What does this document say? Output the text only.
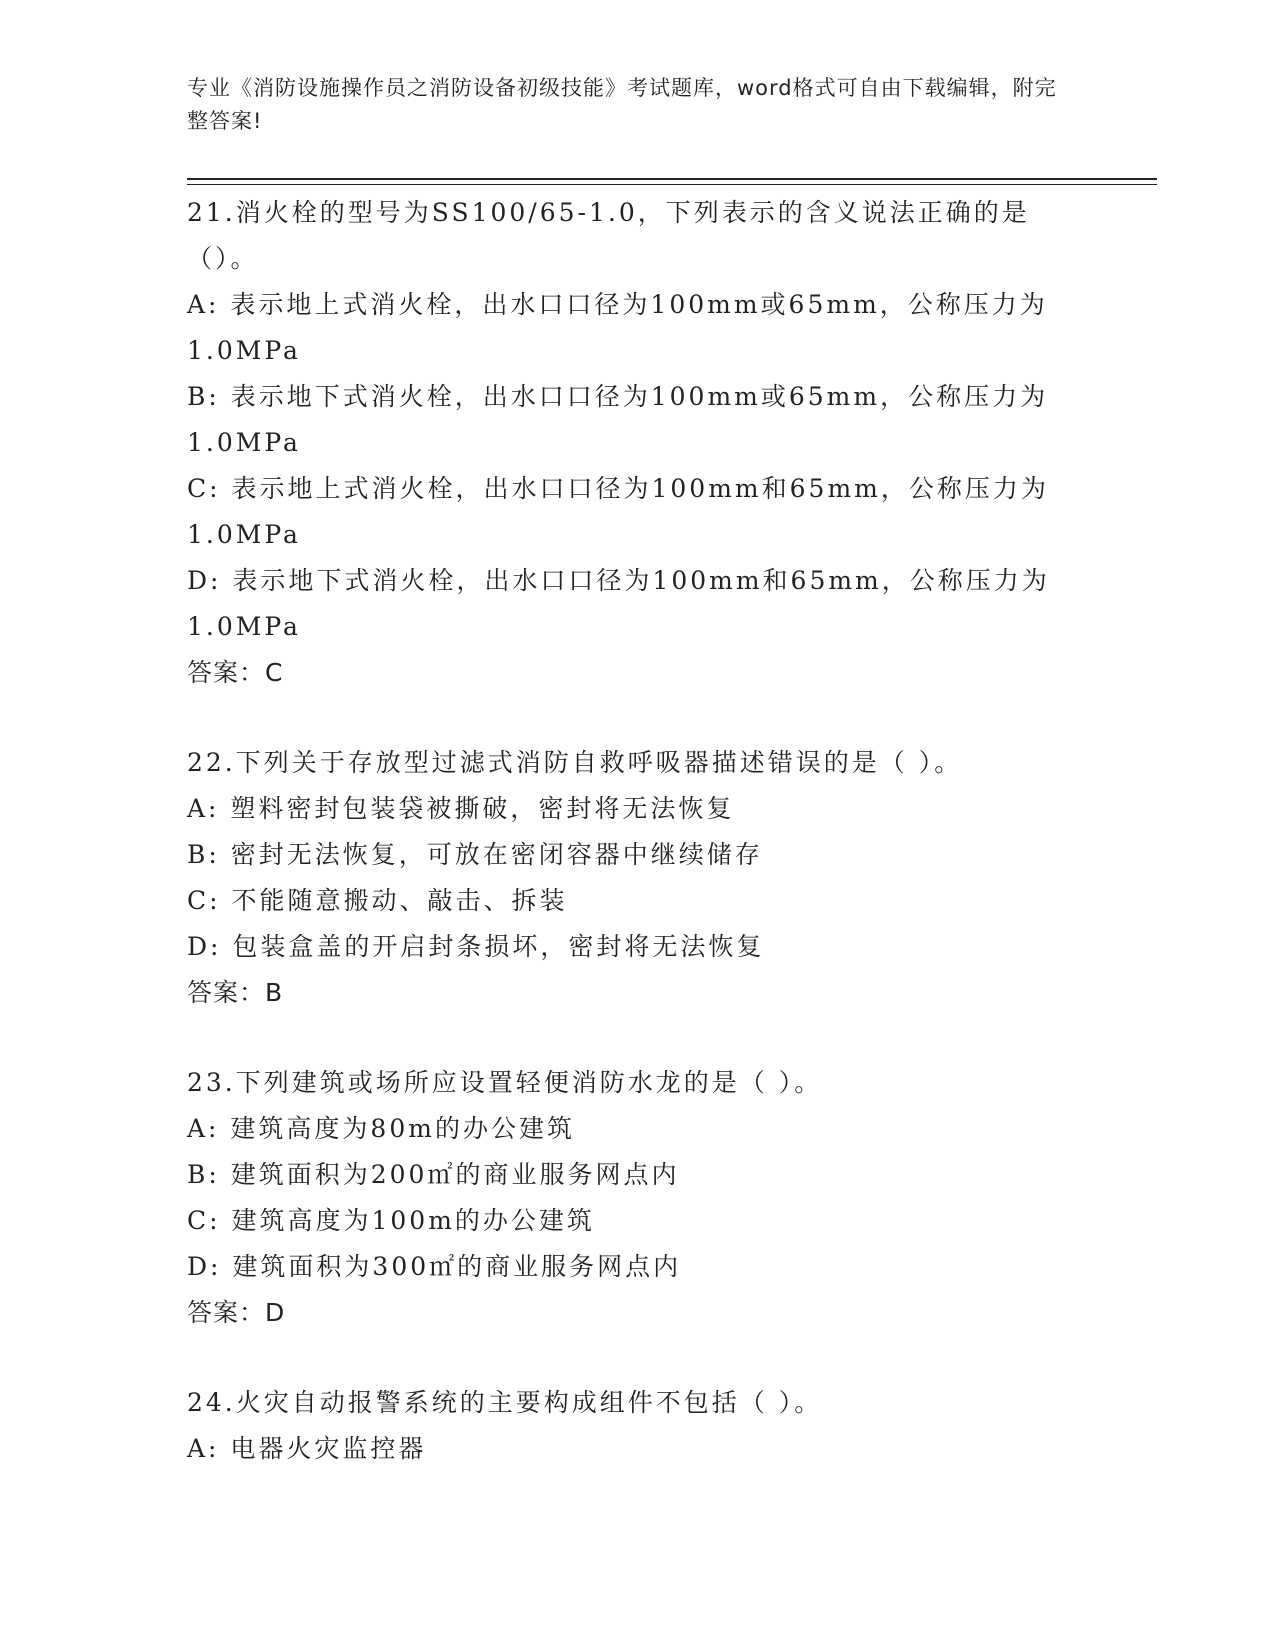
专业《消防设施操作员之消防设备初级技能》考试题库，word格式可自由下载编辑，附完整答案!
21.消火栓的型号为SS100/65-1.0，下列表示的含义说法正确的是（）。
A: 表示地上式消火栓，出水口口径为100mm或65mm，公称压力为1.0MPa
B: 表示地下式消火栓，出水口口径为100mm或65mm，公称压力为1.0MPa
C: 表示地上式消火栓，出水口口径为100mm和65mm，公称压力为1.0MPa
D: 表示地下式消火栓，出水口口径为100mm和65mm，公称压力为1.0MPa
答案：C
22.下列关于存放型过滤式消防自救呼吸器描述错误的是（ ）。
A: 塑料密封包装袋被撕破，密封将无法恢复
B: 密封无法恢复，可放在密闭容器中继续储存
C: 不能随意搬动、敲击、拆装
D: 包装盒盖的开启封条损坏，密封将无法恢复
答案：B
23.下列建筑或场所应设置轻便消防水龙的是（ ）。
A: 建筑高度为80m的办公建筑
B: 建筑面积为200㎡的商业服务网点内
C: 建筑高度为100m的办公建筑
D: 建筑面积为300㎡的商业服务网点内
答案：D
24.火灾自动报警系统的主要构成组件不包括（ ）。
A: 电器火灾监控器
